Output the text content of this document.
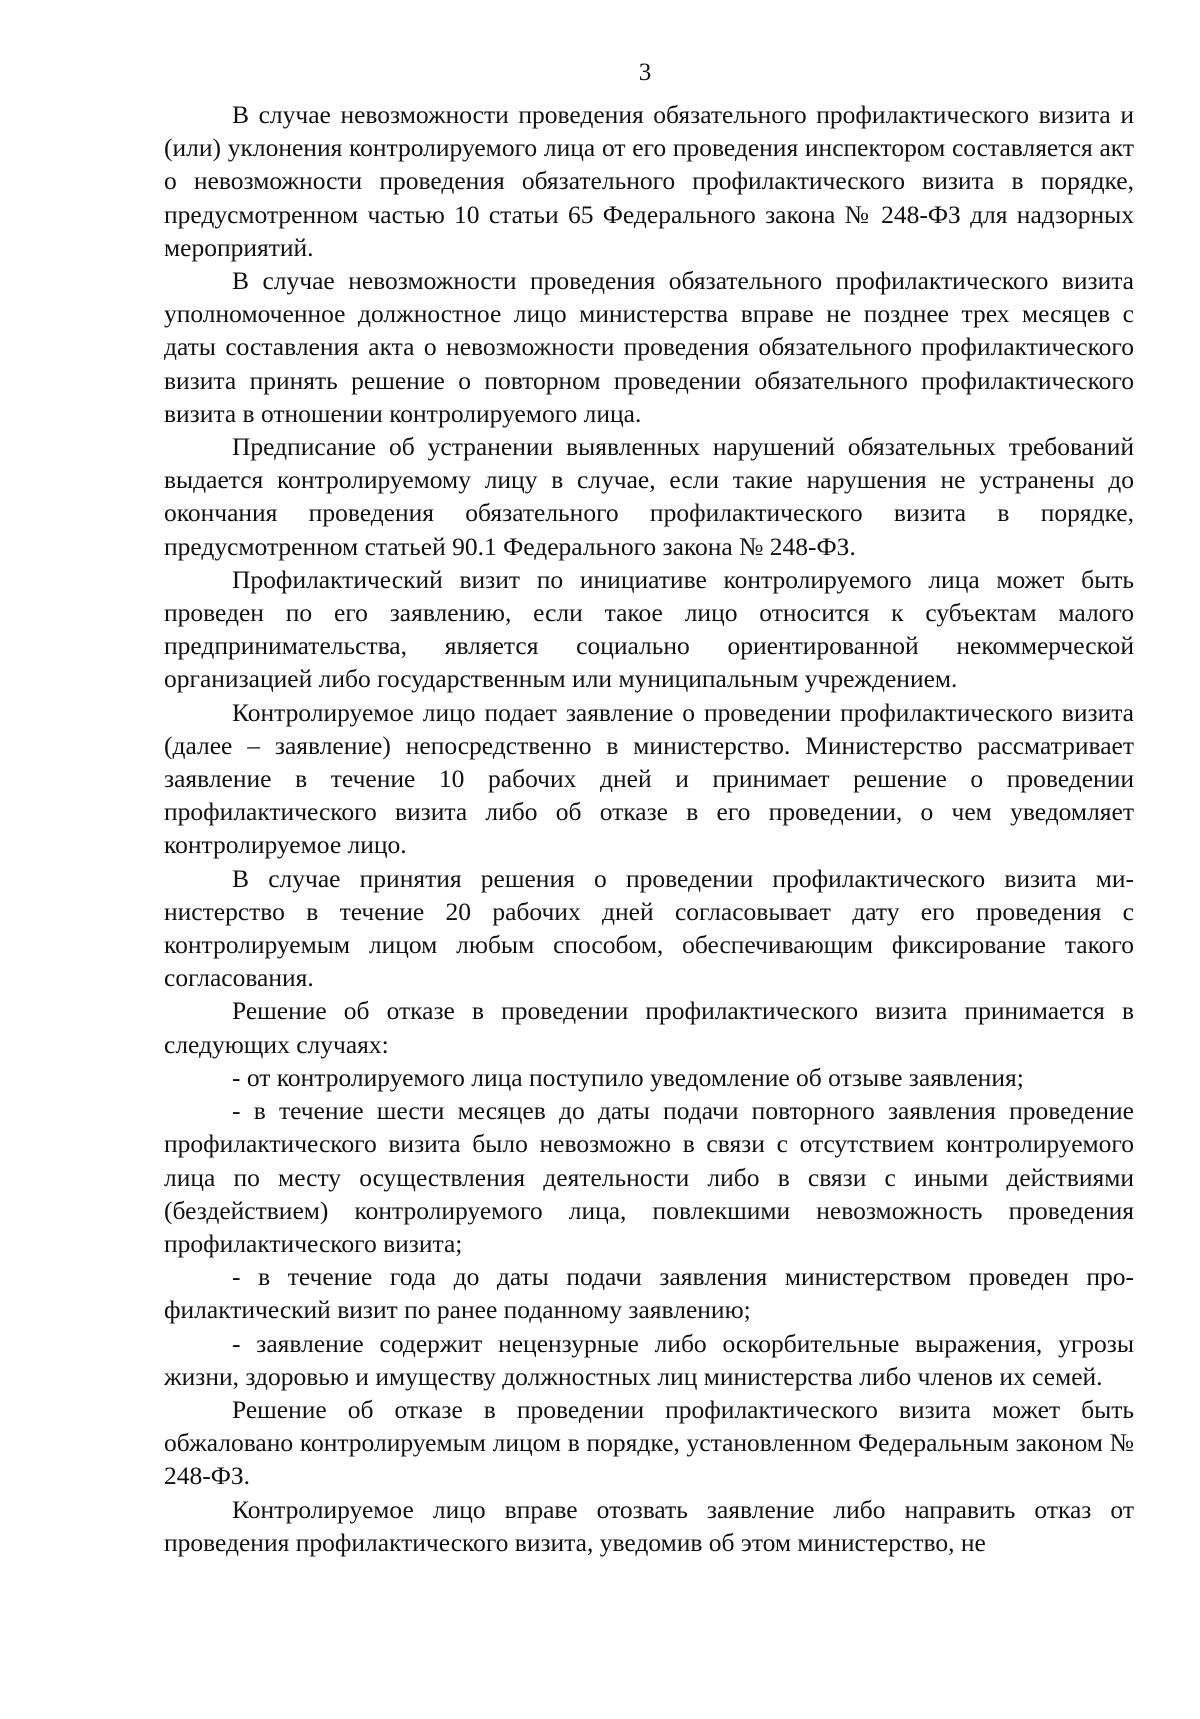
3

В случае невозможности проведения обязательного профилактического визита и (или) уклонения контролируемого лица от его проведения инспектором составляется акт о невозможности проведения обязательного профилактического визита в порядке, предусмотренном частью 10 статьи 65 Федерального закона № 248-ФЗ для надзорных мероприятий.

В случае невозможности проведения обязательного профилактического визита уполномоченное должностное лицо министерства вправе не позднее трех месяцев с даты составления акта о невозможности проведения обязательного профилактического визита принять решение о повторном проведении обязательного профилактического визита в отношении контролируемого лица.

Предписание об устранении выявленных нарушений обязательных требований выдается контролируемому лицу в случае, если такие нарушения не устранены до окончания проведения обязательного профилактического визита в порядке, предусмотренном статьей 90.1 Федерального закона № 248-ФЗ.

Профилактический визит по инициативе контролируемого лица может быть проведен по его заявлению, если такое лицо относится к субъектам малого предпринимательства, является социально ориентированной некоммерческой организацией либо государственным или муниципальным учреждением.

Контролируемое лицо подает заявление о проведении профилактического визита (далее – заявление) непосредственно в министерство. Министерство рассматривает заявление в течение 10 рабочих дней и принимает решение о проведении профилактического визита либо об отказе в его проведении, о чем уведомляет контролируемое лицо.

В случае принятия решения о проведении профилактического визита министерство в течение 20 рабочих дней согласовывает дату его проведения с контролируемым лицом любым способом, обеспечивающим фиксирование такого согласования.

Решение об отказе в проведении профилактического визита принимается в следующих случаях:

- от контролируемого лица поступило уведомление об отзыве заявления;

- в течение шести месяцев до даты подачи повторного заявления проведение профилактического визита было невозможно в связи с отсутствием контролируемого лица по месту осуществления деятельности либо в связи с иными действиями (бездействием) контролируемого лица, повлекшими невозможность проведения профилактического визита;

- в течение года до даты подачи заявления министерством проведен профилактический визит по ранее поданному заявлению;

- заявление содержит нецензурные либо оскорбительные выражения, угрозы жизни, здоровью и имуществу должностных лиц министерства либо членов их семей.

Решение об отказе в проведении профилактического визита может быть обжаловано контролируемым лицом в порядке, установленном Федеральным законом № 248-ФЗ.

Контролируемое лицо вправе отозвать заявление либо направить отказ от проведения профилактического визита, уведомив об этом министерство, не
